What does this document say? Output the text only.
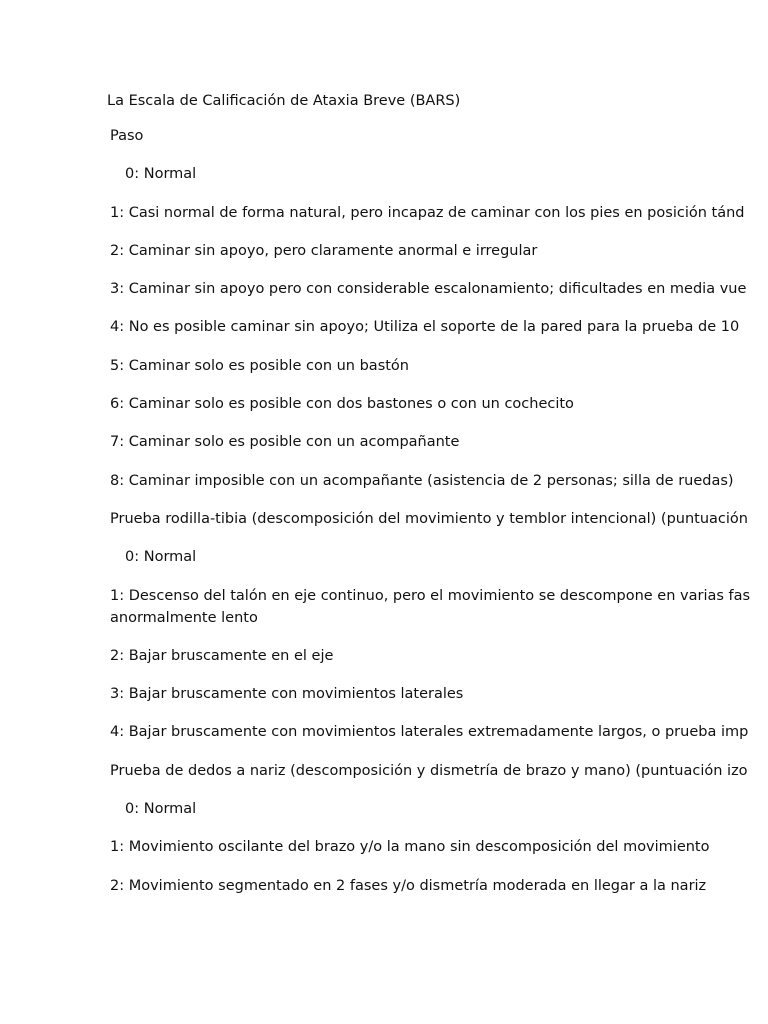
La Escala de Calificación de Ataxia Breve (BARS)

Paso

0: Normal

1: Casi normal de forma natural, pero incapaz de caminar con los pies en posición tánd

2: Caminar sin apoyo, pero claramente anormal e irregular

3: Caminar sin apoyo pero con considerable escalonamiento; dificultades en media vue

4: No es posible caminar sin apoyo; Utiliza el soporte de la pared para la prueba de 10

5: Caminar solo es posible con un bastón

6: Caminar solo es posible con dos bastones o con un cochecito

7: Caminar solo es posible con un acompañante

8: Caminar imposible con un acompañante (asistencia de 2 personas; silla de ruedas)

Prueba rodilla-tibia (descomposición del movimiento y temblor intencional) (puntuación

0: Normal

1: Descenso del talón en eje continuo, pero el movimiento se descompone en varias fas
anormalmente lento

2: Bajar bruscamente en el eje

3: Bajar bruscamente con movimientos laterales

4: Bajar bruscamente con movimientos laterales extremadamente largos, o prueba imp

Prueba de dedos a nariz (descomposición y dismetría de brazo y mano) (puntuación izo

0: Normal

1: Movimiento oscilante del brazo y/o la mano sin descomposición del movimiento

2: Movimiento segmentado en 2 fases y/o dismetría moderada en llegar a la nariz
